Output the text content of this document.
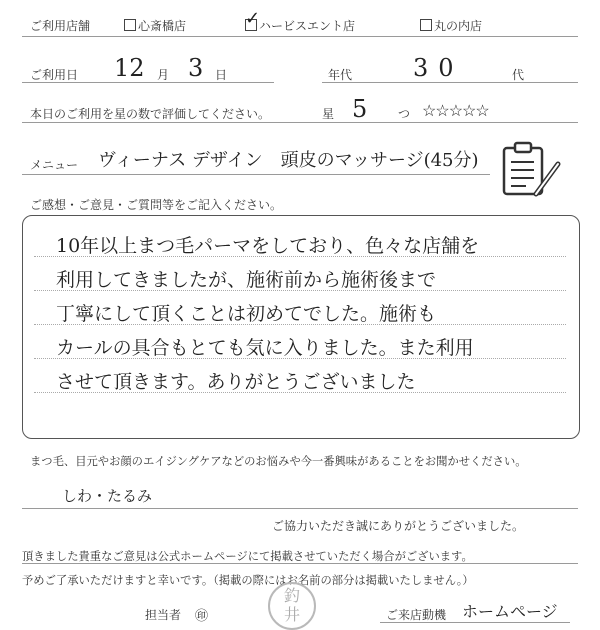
ご利用店舗	心斎橋店	✓
ハービスエント店	丸の内店
ご利用日 12 月 3 日	年代	30	代
本日のご利用を星の数で評価してください。	星 5	つ ☆☆☆☆☆
メニュー ヴィーナス デザイン　頭皮のマッサージ(45分)
ご感想・ご意見・ご質問等をご記入ください。
10年以上まつ毛パーマをしており、色々な店舗を
利用してきましたが、施術前から施術後まで
丁寧にして頂くことは初めてでした。施術も
カールの具合もとても気に入りました。また利用
させて頂きます。ありがとうございました
まつ毛、目元やお顔のエイジングケアなどのお悩みや今一番興味があることをお聞かせください。
しわ・たるみ
ご協力いただき誠にありがとうございました。
頂きました貴重なご意見は公式ホームページにて掲載させていただく場合がございます。
予めご了承いただけますと幸いです。（掲載の際にはお名前の部分は掲載いたしません。）
担当者 ㊞
釣
井	ご来店動機 ホームページ
